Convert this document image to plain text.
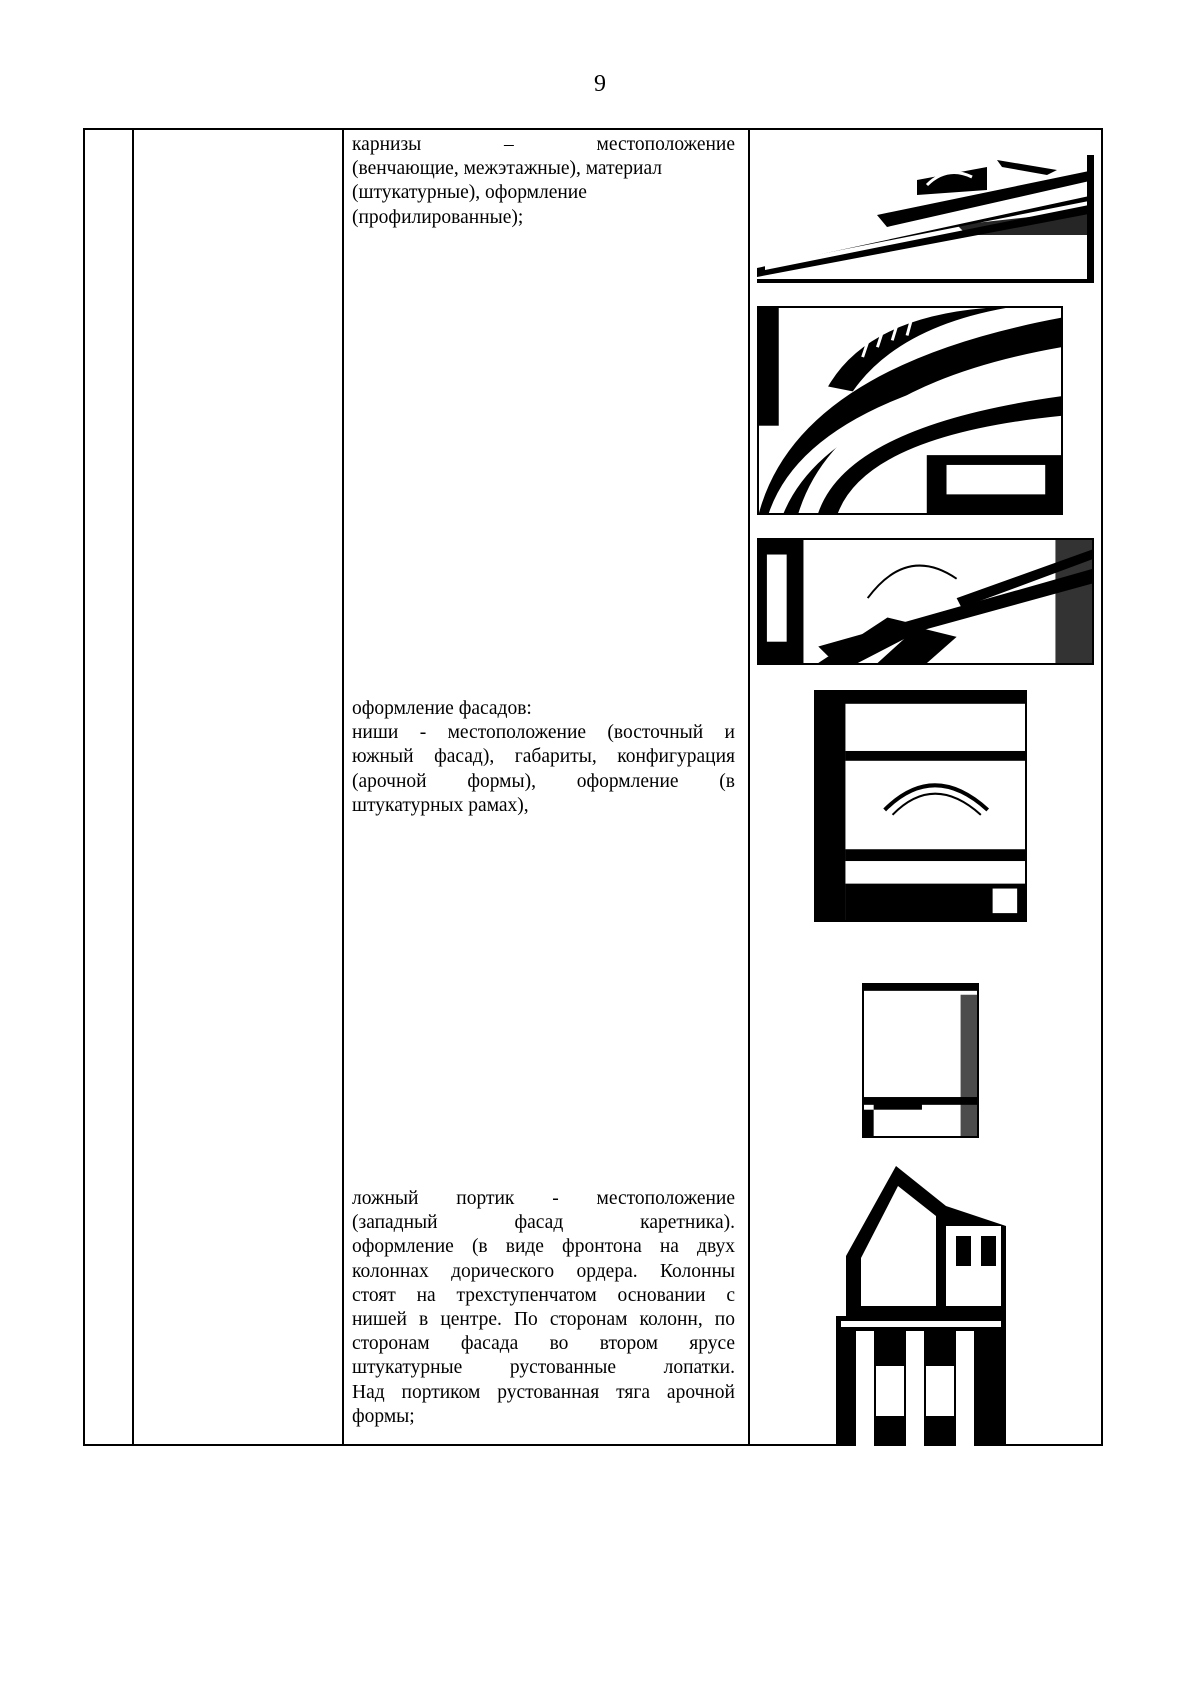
9

карнизы – местоположение

(венчающие, межэтажные), материал

(штукатурные), оформление

(профилированные);

оформление фасадов:

ниши - местоположение (восточный и

южный фасад), габариты, конфигурация

(арочной формы), оформление (в

штукатурных рамах),

ложный портик - местоположение

(западный фасад каретника).

оформление (в виде фронтона на двух

колоннах дорического ордера. Колонны

стоят на трехступенчатом основании с

нишей в центре. По сторонам колонн, по

сторонам фасада во втором ярусе

штукатурные рустованные лопатки.

Над портиком рустованная тяга арочной

формы;
